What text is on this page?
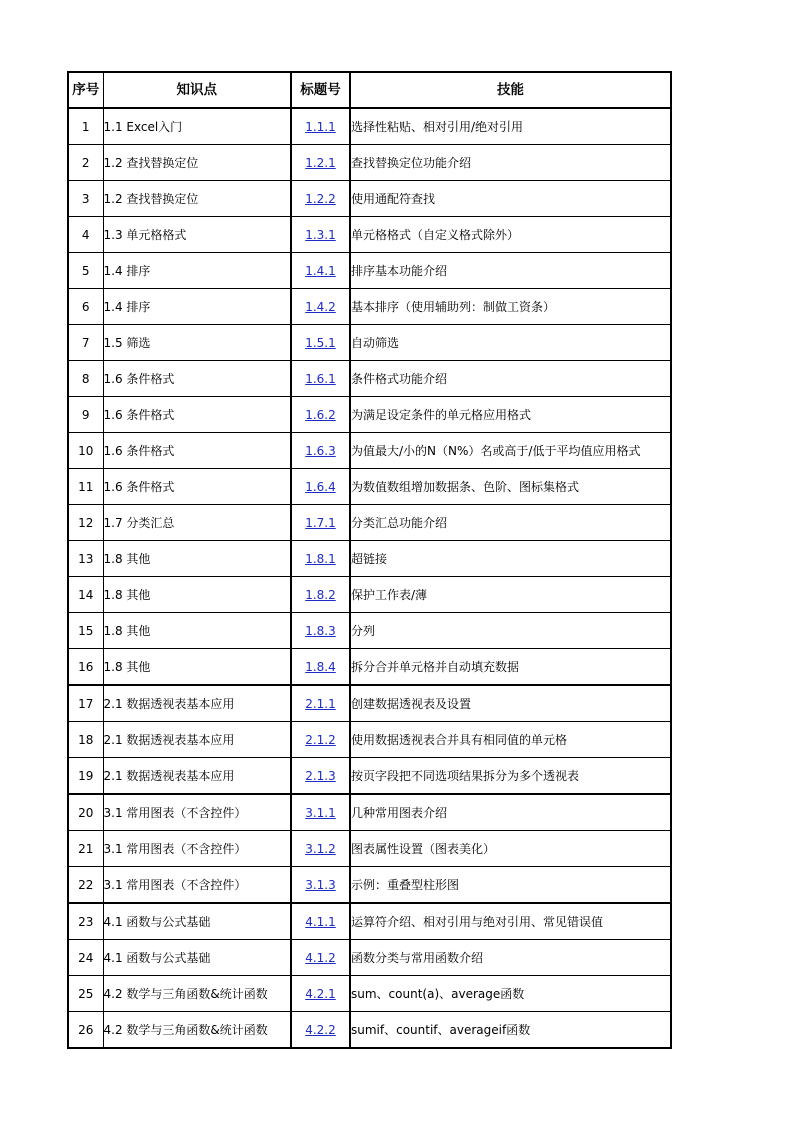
序号	知识点	标题号	技能
1	1.1 Excel入门	1.1.1	选择性粘贴、相对引用/绝对引用
2	1.2 查找替换定位	1.2.1	查找替换定位功能介绍
3	1.2 查找替换定位	1.2.2	使用通配符查找
4	1.3 单元格格式	1.3.1	单元格格式（自定义格式除外）
5	1.4 排序	1.4.1	排序基本功能介绍
6	1.4 排序	1.4.2	基本排序（使用辅助列：制做工资条）
7	1.5 筛选	1.5.1	自动筛选
8	1.6 条件格式	1.6.1	条件格式功能介绍
9	1.6 条件格式	1.6.2	为满足设定条件的单元格应用格式
10	1.6 条件格式	1.6.3	为值最大/小的N（N%）名或高于/低于平均值应用格式
11	1.6 条件格式	1.6.4	为数值数组增加数据条、色阶、图标集格式
12	1.7 分类汇总	1.7.1	分类汇总功能介绍
13	1.8 其他	1.8.1	超链接
14	1.8 其他	1.8.2	保护工作表/薄
15	1.8 其他	1.8.3	分列
16	1.8 其他	1.8.4	拆分合并单元格并自动填充数据
17	2.1 数据透视表基本应用	2.1.1	创建数据透视表及设置
18	2.1 数据透视表基本应用	2.1.2	使用数据透视表合并具有相同值的单元格
19	2.1 数据透视表基本应用	2.1.3	按页字段把不同选项结果拆分为多个透视表
20	3.1 常用图表（不含控件）	3.1.1	几种常用图表介绍
21	3.1 常用图表（不含控件）	3.1.2	图表属性设置（图表美化）
22	3.1 常用图表（不含控件）	3.1.3	示例：重叠型柱形图
23	4.1 函数与公式基础	4.1.1	运算符介绍、相对引用与绝对引用、常见错误值
24	4.1 函数与公式基础	4.1.2	函数分类与常用函数介绍
25	4.2 数学与三角函数&统计函数	4.2.1	sum、count(a)、average函数
26	4.2 数学与三角函数&统计函数	4.2.2	sumif、countif、averageif函数
